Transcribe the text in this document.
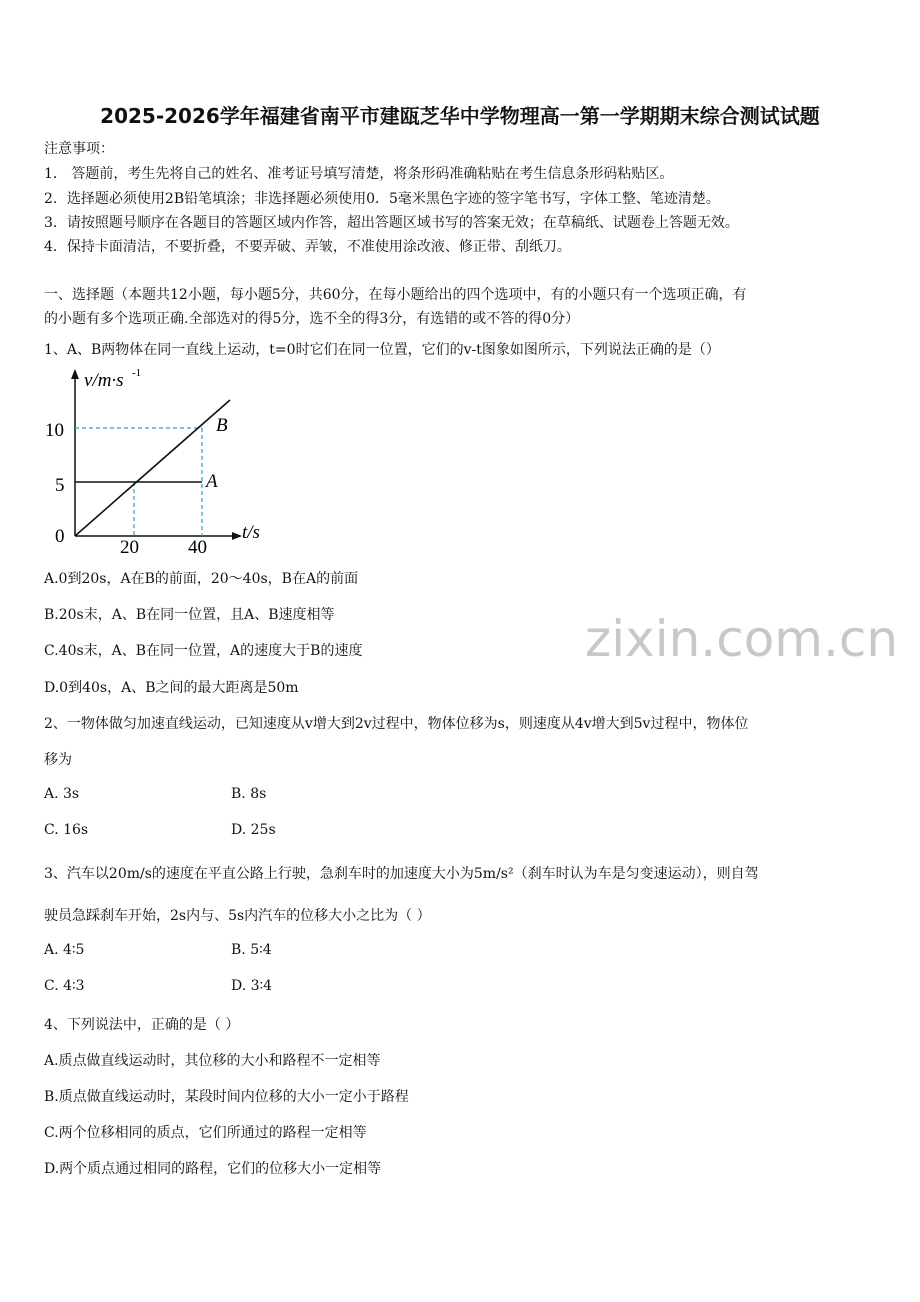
2025-2026学年福建省南平市建瓯芝华中学物理高一第一学期期末综合测试试题
注意事项：
1． 答题前，考生先将自己的姓名、准考证号填写清楚，将条形码准确粘贴在考生信息条形码粘贴区。
2．选择题必须使用2B铅笔填涂；非选择题必须使用0．5毫米黑色字迹的签字笔书写，字体工整、笔迹清楚。
3．请按照题号顺序在各题目的答题区域内作答，超出答题区域书写的答案无效；在草稿纸、试题卷上答题无效。
4．保持卡面清洁，不要折叠，不要弄破、弄皱，不准使用涂改液、修正带、刮纸刀。
一、选择题（本题共12小题，每小题5分，共60分，在每小题给出的四个选项中，有的小题只有一个选项正确，有
的小题有多个选项正确.全部选对的得5分，选不全的得3分，有选错的或不答的得0分）
1、A、B两物体在同一直线上运动，t=0时它们在同一位置，它们的v-t图象如图所示，下列说法正确的是（）
v/m·s -1
t/s
0
10
5
20	40
A
B
A.0到20s，A在B的前面，20～40s，B在A的前面
B.20s末，A、B在同一位置，且A、B速度相等
C.40s末，A、B在同一位置，A的速度大于B的速度
D.0到40s，A、B之间的最大距离是50m
zixin.com.cn
2、一物体做匀加速直线运动，已知速度从v增大到2v过程中，物体位移为s，则速度从4v增大到5v过程中，物体位
移为
A. 3s	B. 8s
C. 16s	D. 25s
3、汽车以20m/s的速度在平直公路上行驶，急刹车时的加速度大小为5m/s²（刹车时认为车是匀变速运动），则自驾
驶员急踩刹车开始，2s内与、5s内汽车的位移大小之比为（ ）
A. 4∶5	B. 5∶4
C. 4∶3	D. 3∶4
4、下列说法中，正确的是（ ）
A.质点做直线运动时，其位移的大小和路程不一定相等
B.质点做直线运动时，某段时间内位移的大小一定小于路程
C.两个位移相同的质点，它们所通过的路程一定相等
D.两个质点通过相同的路程，它们的位移大小一定相等
